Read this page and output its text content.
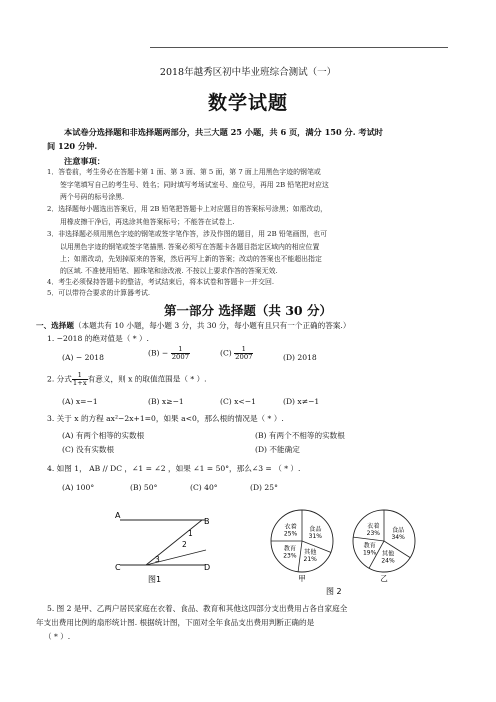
2018年越秀区初中毕业班综合测试（一）
数学试题
本试卷分选择题和非选择题两部分，共三大题 25 小题，共 6 页，满分 150 分. 考试时
间 120 分钟.
注意事项：
1．答卷前，考生务必在答题卡第 1 面、第 3 面、第 5 面，第 7 面上用黑色字迹的钢笔或
签字笔填写自己的考生号、姓名；同时填写考场试室号、座位号，再用 2B 铅笔把对应这
两个号码的标号涂黑.
2．选择题每小题选出答案后，用 2B 铅笔把答题卡上对应题目的答案标号涂黑；如需改动，
用橡皮擦干净后，再选涂其他答案标号；不能答在试卷上.
3．非选择题必须用黑色字迹的钢笔或签字笔作答，涉及作图的题目，用 2B 铅笔画图，也可
以用黑色字迹的钢笔或签字笔描黑. 答案必须写在答题卡各题目指定区域内的相应位置
上；如需改动，先划掉原来的答案，然后再写上新的答案；改动的答案也不能超出指定
的区域. 不准使用铅笔、圆珠笔和涂改液. 不按以上要求作答的答案无效.
4．考生必须保持答题卡的整洁，考试结束后，将本试卷和答题卡一并交回.
5．可以带符合要求的计算器考试.
第一部分 选择题（共 30 分）
一、选择题（本题共有 10 小题，每小题 3 分，共 30 分，每小题有且只有一个正确的答案.）
1. −2018 的绝对值是（ * ）.
(A) − 2018	$(B) - \frac{1}{2007}$	$(C) \frac{1}{2007}$	(D) 2018
2. 分式 $\frac{1}{1+x}$ 有意义，则 x 的取值范围是（ * ）.
(A) x=−1	(B) x≥−1	(C) x<−1	(D) x≠−1
3. 关于 x 的方程 ax²−2x+1=0，如果 a<0，那么根的情况是（ * ）.
(A) 有两个相等的实数根	(B) 有两个不相等的实数根
(C) 没有实数根	(D) 不能确定
4. 如图 1， AB // DC ，∠1 = ∠2 ，如果 ∠1 = 50°，那么∠3 = （ * ）.
(A) 100°	(B) 50°	(C) 40°	(D) 25°
A
B
C	D
1
2
3
图1
食品
31%
其他
21%
教育
23%
衣着
25%
甲
食品
34%
其他
24%
教育
19%
衣着
23%
乙
图 2
5. 图 2 是甲、乙两户居民家庭在衣着、食品、教育和其他这四部分支出费用占各自家庭全
年支出费用比例的扇形统计图. 根据统计图，下面对全年食品支出费用判断正确的是
（ * ）.
